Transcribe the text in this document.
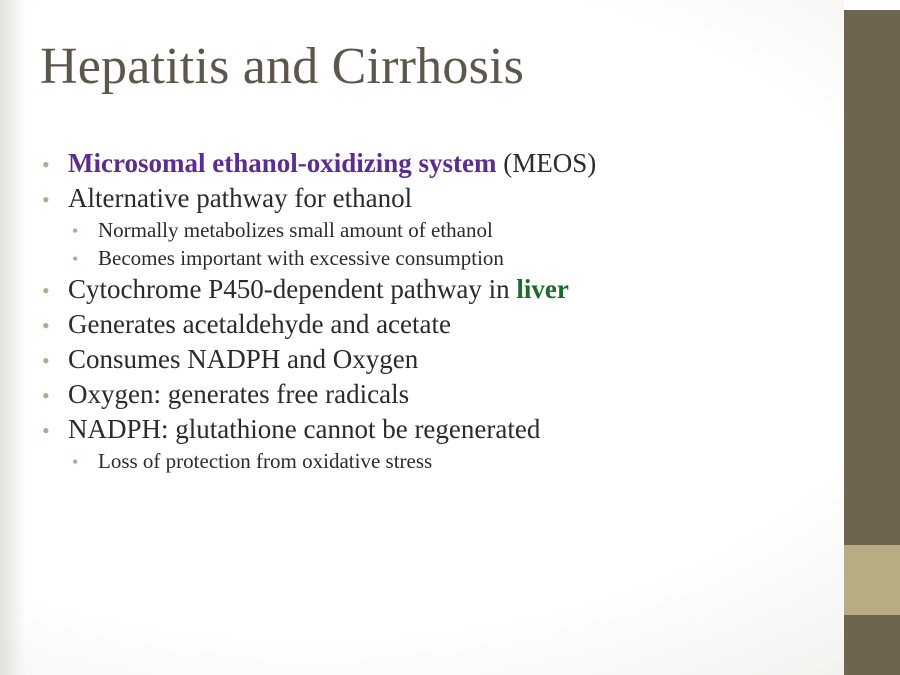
Hepatitis and Cirrhosis
• Microsomal ethanol-oxidizing system (MEOS)
• Alternative pathway for ethanol
• Normally metabolizes small amount of ethanol
• Becomes important with excessive consumption
• Cytochrome P450-dependent pathway in liver
• Generates acetaldehyde and acetate
• Consumes NADPH and Oxygen
• Oxygen: generates free radicals
• NADPH: glutathione cannot be regenerated
• Loss of protection from oxidative stress
